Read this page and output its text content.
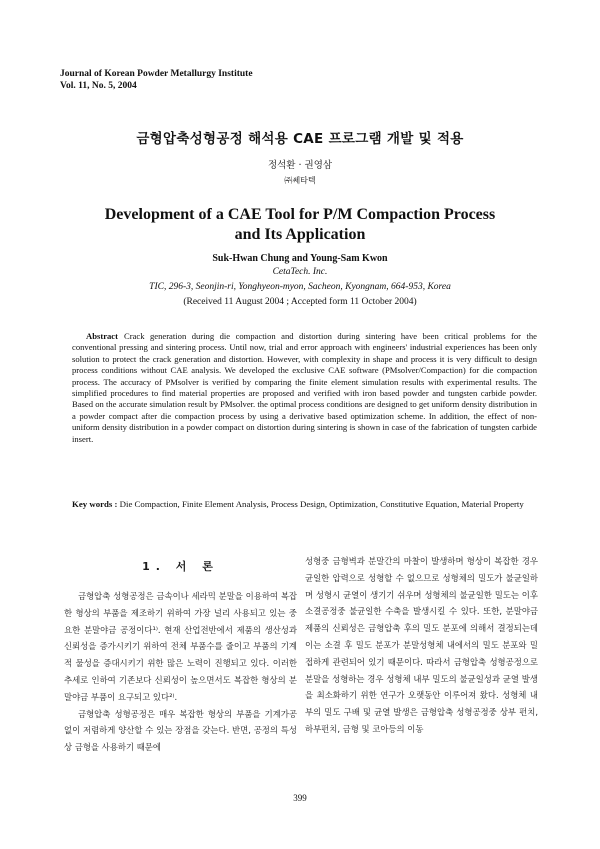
Journal of Korean Powder Metallurgy Institute
Vol. 11, No. 5, 2004
금형압축성형공정 해석용 CAE 프로그램 개발 및 적용
정석환 · 권영삼
㈜쎄타텍
Development of a CAE Tool for P/M Compaction Process
and Its Application
Suk-Hwan Chung and Young-Sam Kwon
CetaTech. Inc.
TIC, 296-3, Seonjin-ri, Yonghyeon-myon, Sacheon, Kyongnam, 664-953, Korea
(Received 11 August 2004 ; Accepted form 11 October 2004)
Abstract Crack generation during die compaction and distortion during sintering have been critical problems for the conventional pressing and sintering process. Until now, trial and error approach with engineers' industrial experiences has been only solution to protect the crack generation and distortion. However, with complexity in shape and process it is very difficult to design process conditions without CAE analysis. We developed the exclusive CAE software (PMsolver/Compaction) for die compaction process. The accuracy of PMsolver is verified by comparing the finite element simulation results with experimental results. The simplified procedures to find material properties are proposed and verified with iron based powder and tungsten carbide powder. Based on the accurate simulation result by PMsolver. the optimal process conditions are designed to get uniform density distribution in a powder compact after die compaction process by using a derivative based optimization scheme. In addition, the effect of non-uniform density distribution in a powder compact on distortion during sintering is shown in case of the fabrication of tungsten carbide insert.
Key words : Die Compaction, Finite Element Analysis, Process Design, Optimization, Constitutive Equation, Material Property
1. 서 론

금형압축 성형공정은 금속이나 세라믹 분말을 이용하여 복잡한 형상의 부품을 제조하기 위하여 가장 널리 사용되고 있는 중요한 분말야금 공정이다¹⁾. 현재 산업전반에서 제품의 생산성과 신뢰성을 증가시키기 위하여 전체 부품수를 줄이고 부품의 기계적 물성을 증대시키기 위한 많은 노력이 진행되고 있다. 이러한 추세로 인하여 기존보다 신뢰성이 높으면서도 복잡한 형상의 분말야금 부품이 요구되고 있다²⁾.

금형압축 성형공정은 매우 복잡한 형상의 부품을 기계가공 없이 저렴하게 양산할 수 있는 장점을 갖는다. 반면, 공정의 특성상 금형을 사용하기 때문에

성형중 금형벽과 분말간의 마찰이 발생하며 형상이 복잡한 경우 균일한 압력으로 성형할 수 없으므로 성형체의 밀도가 불균일하며 성형시 균열이 생기기 쉬우며 성형체의 불균일한 밀도는 이후 소결공정중 불균일한 수축을 발생시킬 수 있다. 또한, 분말야금 제품의 신뢰성은 금형압축 후의 밀도 분포에 의해서 결정되는데 이는 소결 후 밀도 분포가 분말성형체 내에서의 밀도 분포와 밀접하게 관련되어 있기 때문이다. 따라서 금형압축 성형공정으로 분말을 성형하는 경우 성형체 내부 밀도의 불균일성과 균열 발생을 최소화하기 위한 연구가 오랫동안 이루어져 왔다. 성형체 내부의 밀도 구배 및 균열 발생은 금형압축 성형공정중 상부 펀치, 하부펀치, 금형 및 코아등의 이동

399
